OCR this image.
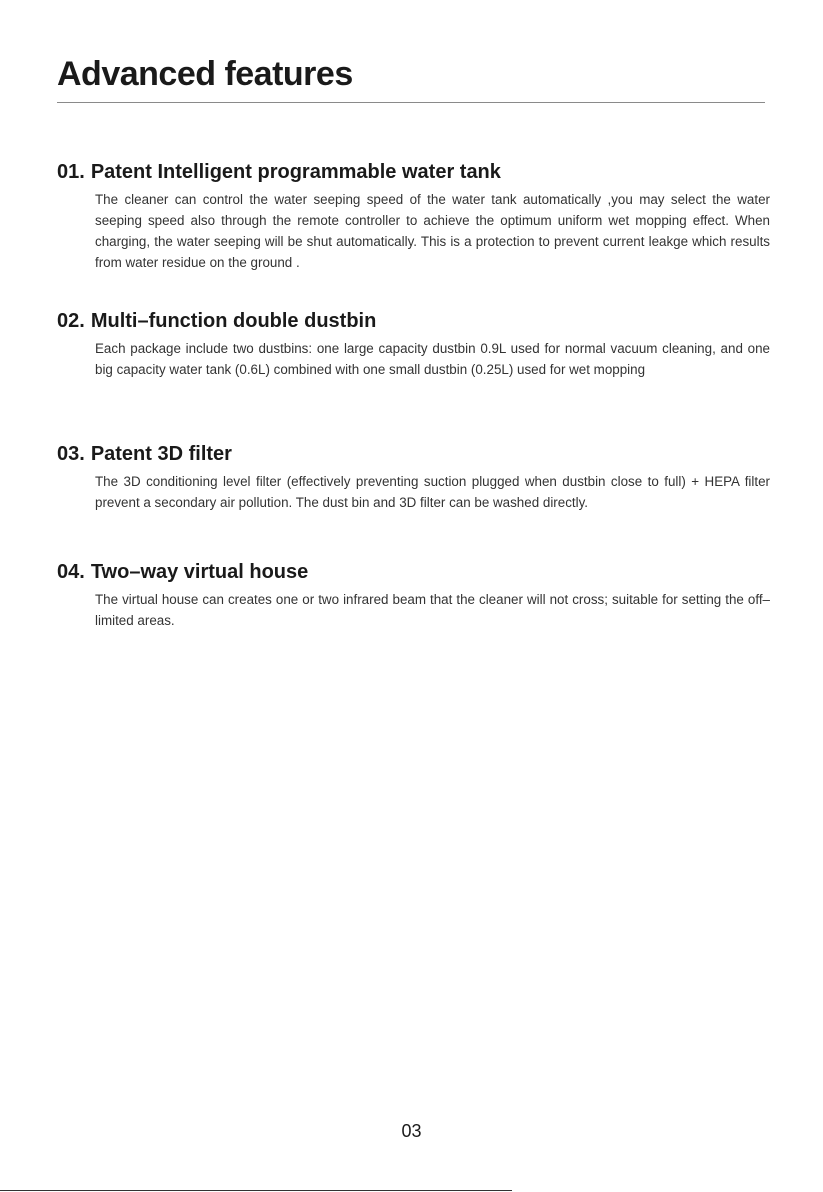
Advanced features
01. Patent Intelligent programmable water tank

The cleaner can control the water seeping speed of the water tank automatically ,you may select the water seeping speed also through the remote controller to achieve the optimum uniform wet mopping effect. When charging, the water seeping will be shut automatically. This is a protection to prevent current leakge which results from water residue on the ground .

02. Multi–function double dustbin

Each package include two dustbins: one large capacity dustbin 0.9L used for normal vacuum cleaning, and one big capacity water tank (0.6L) combined with one small dustbin (0.25L) used for wet mopping

03. Patent 3D filter

The 3D conditioning level filter (effectively preventing suction plugged when dustbin close to full) + HEPA filter prevent a secondary air pollution. The dust bin and 3D filter can be washed directly.

04. Two–way virtual house

The virtual house can creates one or two infrared beam that the cleaner will not cross; suitable for setting the off–limited areas.

03
